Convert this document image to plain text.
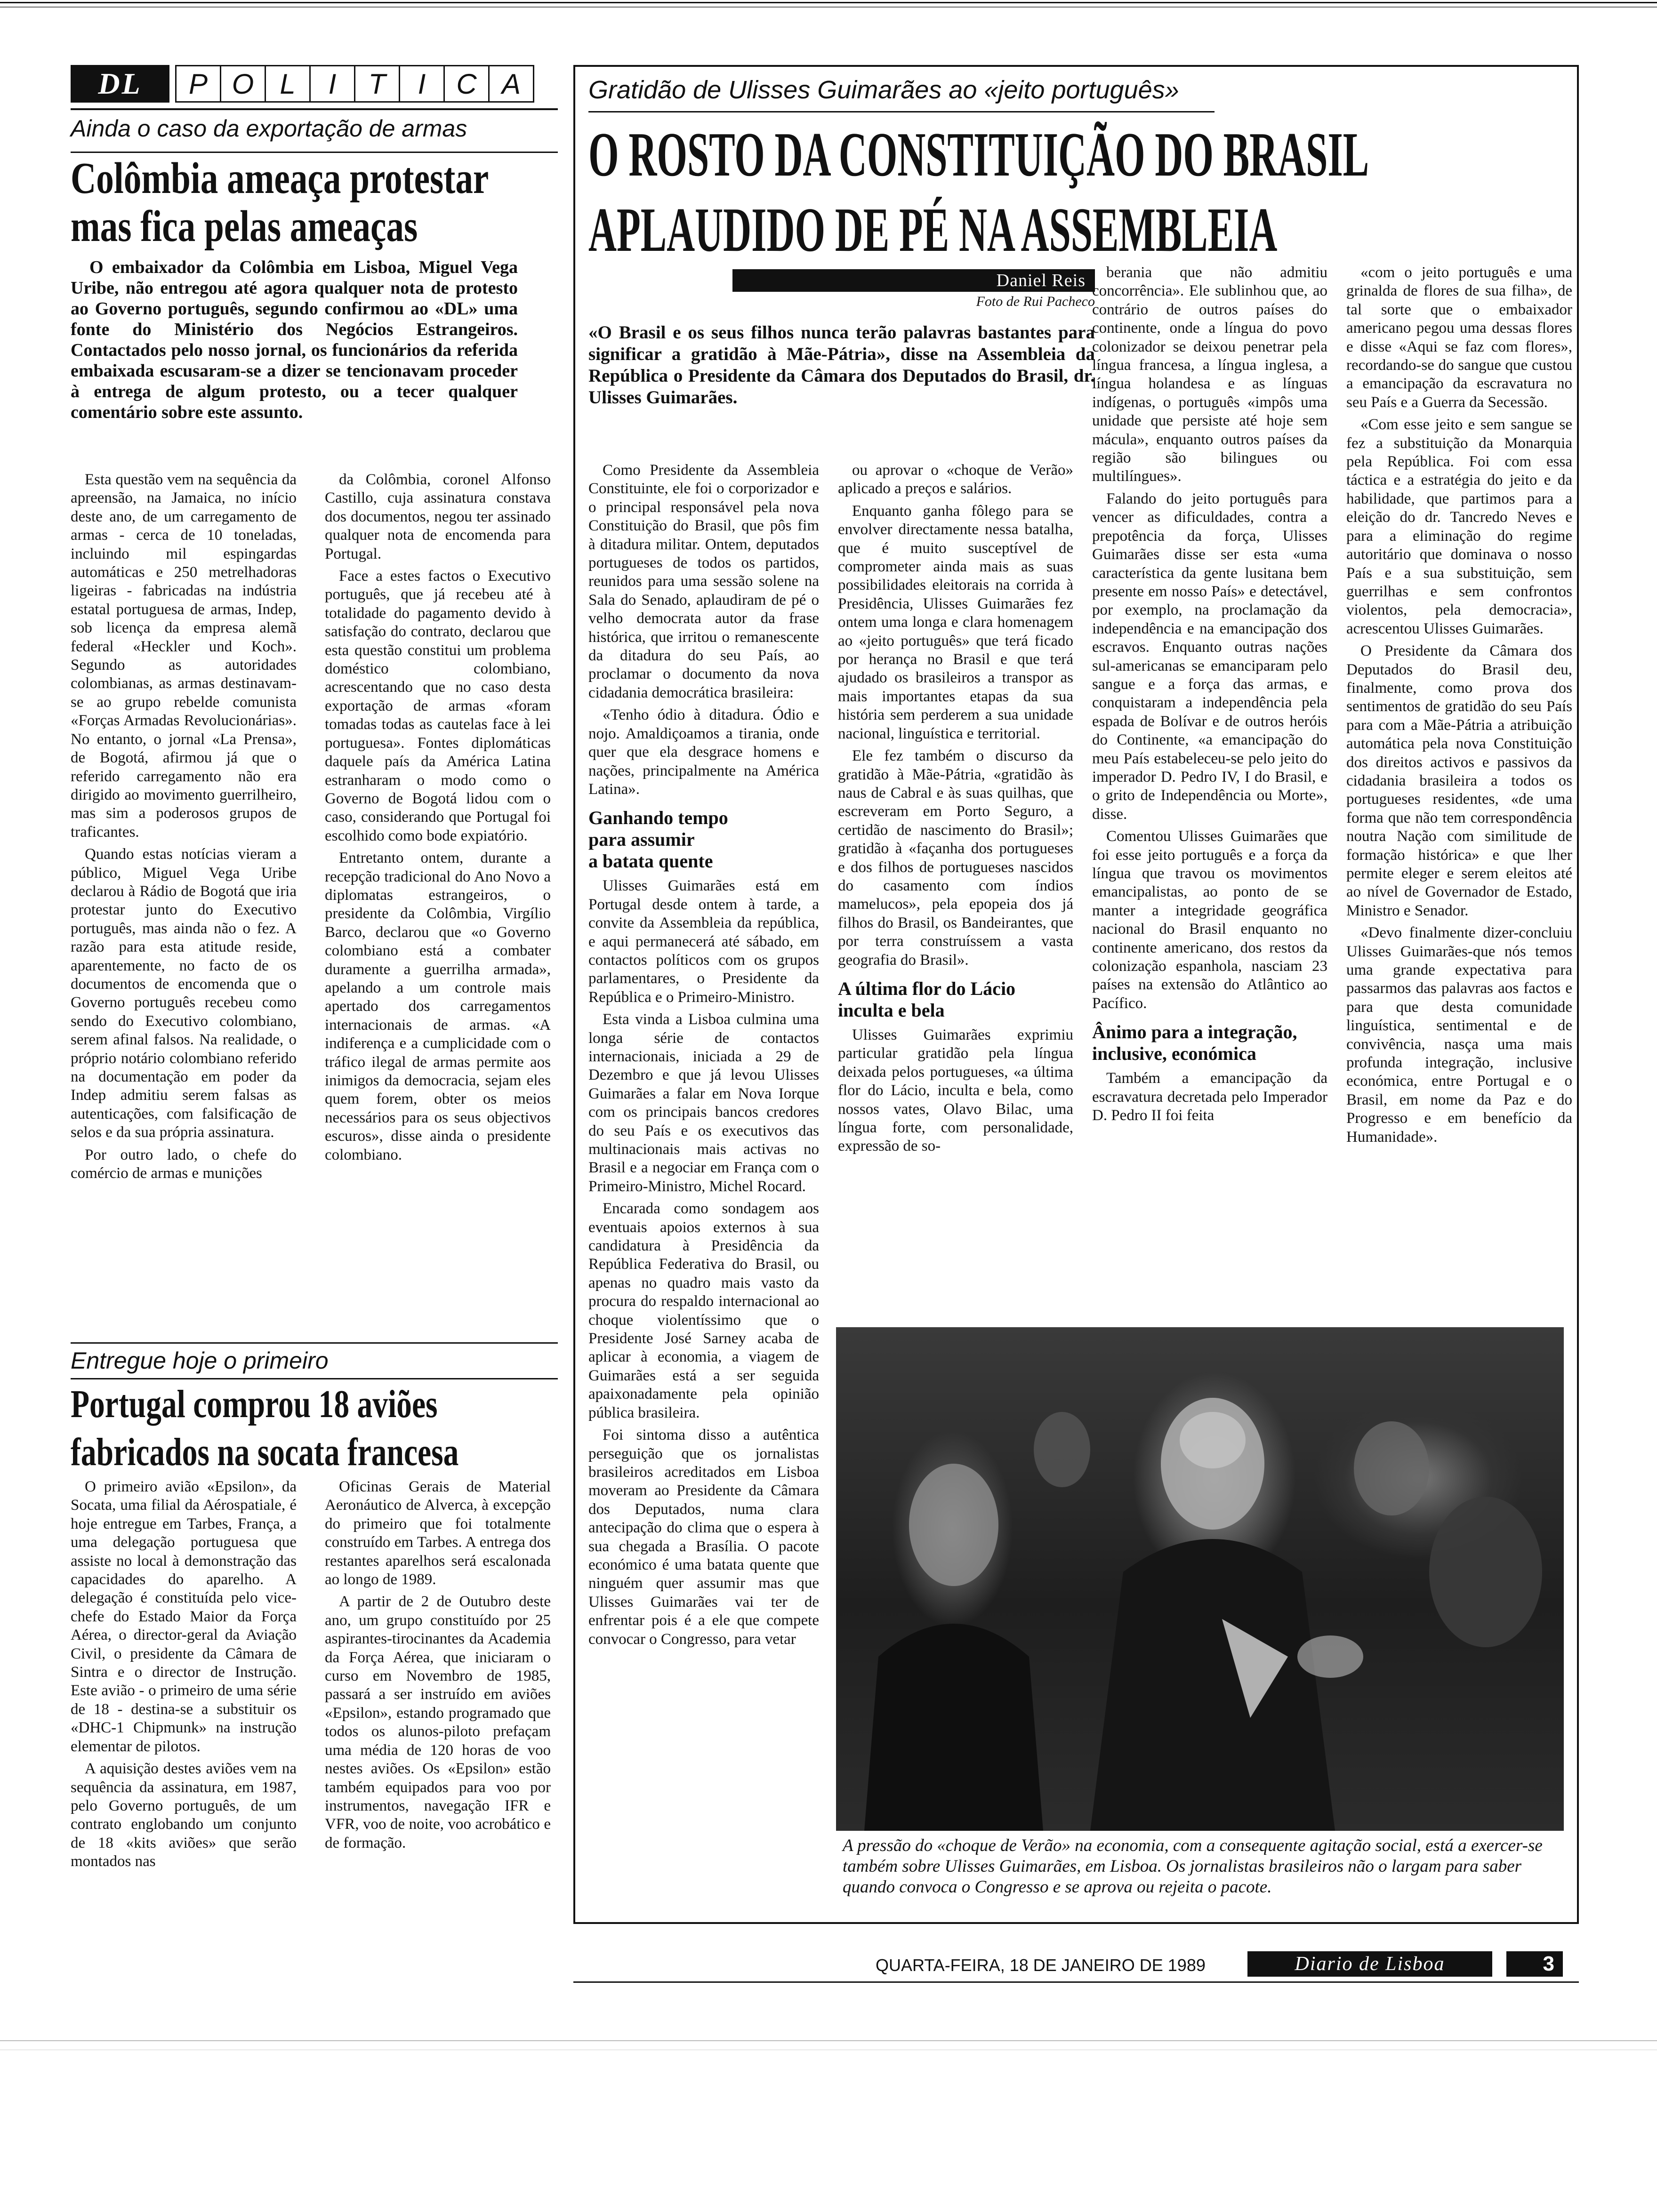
DL	P O L	I	T	I	C A
Ainda o caso da exportação de armas
Colômbia ameaça protestar
mas fica pelas ameaças
O embaixador da Colômbia em Lisboa, Miguel Vega Uribe, não entregou até agora qualquer nota de protesto ao Governo português, segundo confirmou ao «DL» uma fonte do Ministério dos Negócios Estrangeiros. Contactados pelo nosso jornal, os funcionários da referida embaixada escusaram-se a dizer se tencionavam proceder à entrega de algum protesto, ou a tecer qualquer comentário sobre este assunto.

Esta questão vem na sequência da apreensão, na Jamaica, no início deste ano, de um carregamento de armas - cerca de 10 toneladas, incluindo mil espingardas automáticas e 250 metrelhadoras ligeiras - fabricadas na indústria estatal portuguesa de armas, Indep, sob licença da empresa alemã federal «Heckler und Koch». Segundo as autoridades colombianas, as armas destinavam-se ao grupo rebelde comunista «Forças Armadas Revolucionárias». No entanto, o jornal «La Prensa», de Bogotá, afirmou já que o referido carregamento não era dirigido ao movimento guerrilheiro, mas sim a poderosos grupos de traficantes.

Quando estas notícias vieram a público, Miguel Vega Uribe declarou à Rádio de Bogotá que iria protestar junto do Executivo português, mas ainda não o fez. A razão para esta atitude reside, aparentemente, no facto de os documentos de encomenda que o Governo português recebeu como sendo do Executivo colombiano, serem afinal falsos. Na realidade, o próprio notário colombiano referido na documentação em poder da Indep admitiu serem falsas as autenticações, com falsificação de selos e da sua própria assinatura.

Por outro lado, o chefe do comércio de armas e munições

da Colômbia, coronel Alfonso Castillo, cuja assinatura constava dos documentos, negou ter assinado qualquer nota de encomenda para Portugal.

Face a estes factos o Executivo português, que já recebeu até à totalidade do pagamento devido à satisfação do contrato, declarou que esta questão constitui um problema doméstico colombiano, acrescentando que no caso desta exportação de armas «foram tomadas todas as cautelas face à lei portuguesa». Fontes diplomáticas daquele país da América Latina estranharam o modo como o Governo de Bogotá lidou com o caso, considerando que Portugal foi escolhido como bode expiatório.

Entretanto ontem, durante a recepção tradicional do Ano Novo a diplomatas estrangeiros, o presidente da Colômbia, Virgílio Barco, declarou que «o Governo colombiano está a combater duramente a guerrilha armada», apelando a um controle mais apertado dos carregamentos internacionais de armas. «A indiferença e a cumplicidade com o tráfico ilegal de armas permite aos inimigos da democracia, sejam eles quem forem, obter os meios necessários para os seus objectivos escuros», disse ainda o presidente colombiano.

Entregue hoje o primeiro
Portugal comprou 18 aviões
fabricados na socata francesa

O primeiro avião «Epsilon», da Socata, uma filial da Aérospatiale, é hoje entregue em Tarbes, França, a uma delegação portuguesa que assiste no local à demonstração das capacidades do aparelho. A delegação é constituída pelo vice-chefe do Estado Maior da Força Aérea, o director-geral da Aviação Civil, o presidente da Câmara de Sintra e o director de Instrução. Este avião - o primeiro de uma série de 18 - destina-se a substituir os «DHC-1 Chipmunk» na instrução elementar de pilotos.

A aquisição destes aviões vem na sequência da assinatura, em 1987, pelo Governo português, de um contrato englobando um conjunto de 18 «kits aviões» que serão montados nas

Oficinas Gerais de Material Aeronáutico de Alverca, à excepção do primeiro que foi totalmente construído em Tarbes. A entrega dos restantes aparelhos será escalonada ao longo de 1989.

A partir de 2 de Outubro deste ano, um grupo constituído por 25 aspirantes-tirocinantes da Academia da Força Aérea, que iniciaram o curso em Novembro de 1985, passará a ser instruído em aviões «Epsilon», estando programado que todos os alunos-piloto prefaçam uma média de 120 horas de voo nestes aviões. Os «Epsilon» estão também equipados para voo por instrumentos, navegação IFR e VFR, voo de noite, voo acrobático e de formação.

Gratidão de Ulisses Guimarães ao «jeito português»
O ROSTO DA CONSTITUIÇÃO DO BRASIL
APLAUDIDO DE PÉ NA ASSEMBLEIA
Daniel Reis
Foto de Rui Pacheco
«O Brasil e os seus filhos nunca terão palavras bastantes para significar a gratidão à Mãe-Pátria», disse na Assembleia da República o Presidente da Câmara dos Deputados do Brasil, dr. Ulisses Guimarães.

Como Presidente da Assembleia Constituinte, ele foi o corporizador e o principal responsável pela nova Constituição do Brasil, que pôs fim à ditadura militar. Ontem, deputados portugueses de todos os partidos, reunidos para uma sessão solene na Sala do Senado, aplaudiram de pé o velho democrata autor da frase histórica, que irritou o remanescente da ditadura do seu País, ao proclamar o documento da nova cidadania democrática brasileira:

«Tenho ódio à ditadura. Ódio e nojo. Amaldiçoamos a tirania, onde quer que ela desgrace homens e nações, principalmente na América Latina».

Ganhando tempo
para assumir
a batata quente

Ulisses Guimarães está em Portugal desde ontem à tarde, a convite da Assembleia da república, e aqui permanecerá até sábado, em contactos políticos com os grupos parlamentares, o Presidente da República e o Primeiro-Ministro.

Esta vinda a Lisboa culmina uma longa série de contactos internacionais, iniciada a 29 de Dezembro e que já levou Ulisses Guimarães a falar em Nova Iorque com os principais bancos credores do seu País e os executivos das multinacionais mais activas no Brasil e a negociar em França com o Primeiro-Ministro, Michel Rocard.

Encarada como sondagem aos eventuais apoios externos à sua candidatura à Presidência da República Federativa do Brasil, ou apenas no quadro mais vasto da procura do respaldo internacional ao choque violentíssimo que o Presidente José Sarney acaba de aplicar à economia, a viagem de Guimarães está a ser seguida apaixonadamente pela opinião pública brasileira.

Foi sintoma disso a autêntica perseguição que os jornalistas brasileiros acreditados em Lisboa moveram ao Presidente da Câmara dos Deputados, numa clara antecipação do clima que o espera à sua chegada a Brasília. O pacote económico é uma batata quente que ninguém quer assumir mas que Ulisses Guimarães vai ter de enfrentar pois é a ele que compete convocar o Congresso, para vetar

ou aprovar o «choque de Verão» aplicado a preços e salários.

Enquanto ganha fôlego para se envolver directamente nessa batalha, que é muito susceptível de comprometer ainda mais as suas possibilidades eleitorais na corrida à Presidência, Ulisses Guimarães fez ontem uma longa e clara homenagem ao «jeito português» que terá ficado por herança no Brasil e que terá ajudado os brasileiros a transpor as mais importantes etapas da sua história sem perderem a sua unidade nacional, linguística e territorial.

Ele fez também o discurso da gratidão à Mãe-Pátria, «gratidão às naus de Cabral e às suas quilhas, que escreveram em Porto Seguro, a certidão de nascimento do Brasil»; gratidão à «façanha dos portugueses e dos filhos de portugueses nascidos do casamento com índios mamelucos», pela epopeia dos já filhos do Brasil, os Bandeirantes, que por terra construíssem a vasta geografia do Brasil».

A última flor do Lácio
inculta e bela

Ulisses Guimarães exprimiu particular gratidão pela língua deixada pelos portugueses, «a última flor do Lácio, inculta e bela, como nossos vates, Olavo Bilac, uma língua forte, com personalidade, expressão de so-

berania que não admitiu concorrência». Ele sublinhou que, ao contrário de outros países do continente, onde a língua do povo colonizador se deixou penetrar pela língua francesa, a língua inglesa, a língua holandesa e as línguas indígenas, o português «impôs uma unidade que persiste até hoje sem mácula», enquanto outros países da região são bilingues ou multilíngues».

Falando do jeito português para vencer as dificuldades, contra a prepotência da força, Ulisses Guimarães disse ser esta «uma característica da gente lusitana bem presente em nosso País» e detectável, por exemplo, na proclamação da independência e na emancipação dos escravos. Enquanto outras nações sul-americanas se emanciparam pelo sangue e a força das armas, e conquistaram a independência pela espada de Bolívar e de outros heróis do Continente, «a emancipação do meu País estabeleceu-se pelo jeito do imperador D. Pedro IV, I do Brasil, e o grito de Independência ou Morte», disse.

Comentou Ulisses Guimarães que foi esse jeito português e a força da língua que travou os movimentos emancipalistas, ao ponto de se manter a integridade geográfica nacional do Brasil enquanto no continente americano, dos restos da colonização espanhola, nasciam 23 países na extensão do Atlântico ao Pacífico.

Ânimo para a integração,
inclusive, económica

Também a emancipação da escravatura decretada pelo Imperador D. Pedro II foi feita

«com o jeito português e uma grinalda de flores de sua filha», de tal sorte que o embaixador americano pegou uma dessas flores e disse «Aqui se faz com flores», recordando-se do sangue que custou a emancipação da escravatura no seu País e a Guerra da Secessão.

«Com esse jeito e sem sangue se fez a substituição da Monarquia pela República. Foi com essa táctica e a estratégia do jeito e da habilidade, que partimos para a eleição do dr. Tancredo Neves e para a eliminação do regime autoritário que dominava o nosso País e a sua substituição, sem guerrilhas e sem confrontos violentos, pela democracia», acrescentou Ulisses Guimarães.

O Presidente da Câmara dos Deputados do Brasil deu, finalmente, como prova dos sentimentos de gratidão do seu País para com a Mãe-Pátria a atribuição automática pela nova Constituição dos direitos activos e passivos da cidadania brasileira a todos os portugueses residentes, «de uma forma que não tem correspondência noutra Nação com similitude de formação histórica» e que lher permite eleger e serem eleitos até ao nível de Governador de Estado, Ministro e Senador.

«Devo finalmente dizer-concluiu Ulisses Guimarães-que nós temos uma grande expectativa para passarmos das palavras aos factos e para que desta comunidade linguística, sentimental e de convivência, nasça uma mais profunda integração, inclusive económica, entre Portugal e o Brasil, em nome da Paz e do Progresso e em benefício da Humanidade».

A pressão do «choque de Verão» na economia, com a consequente agitação social, está a exercer-se também sobre Ulisses Guimarães, em Lisboa. Os jornalistas brasileiros não o largam para saber quando convoca o Congresso e se aprova ou rejeita o pacote.
QUARTA-FEIRA, 18 DE JANEIRO DE 1989	Diario de Lisboa	3
